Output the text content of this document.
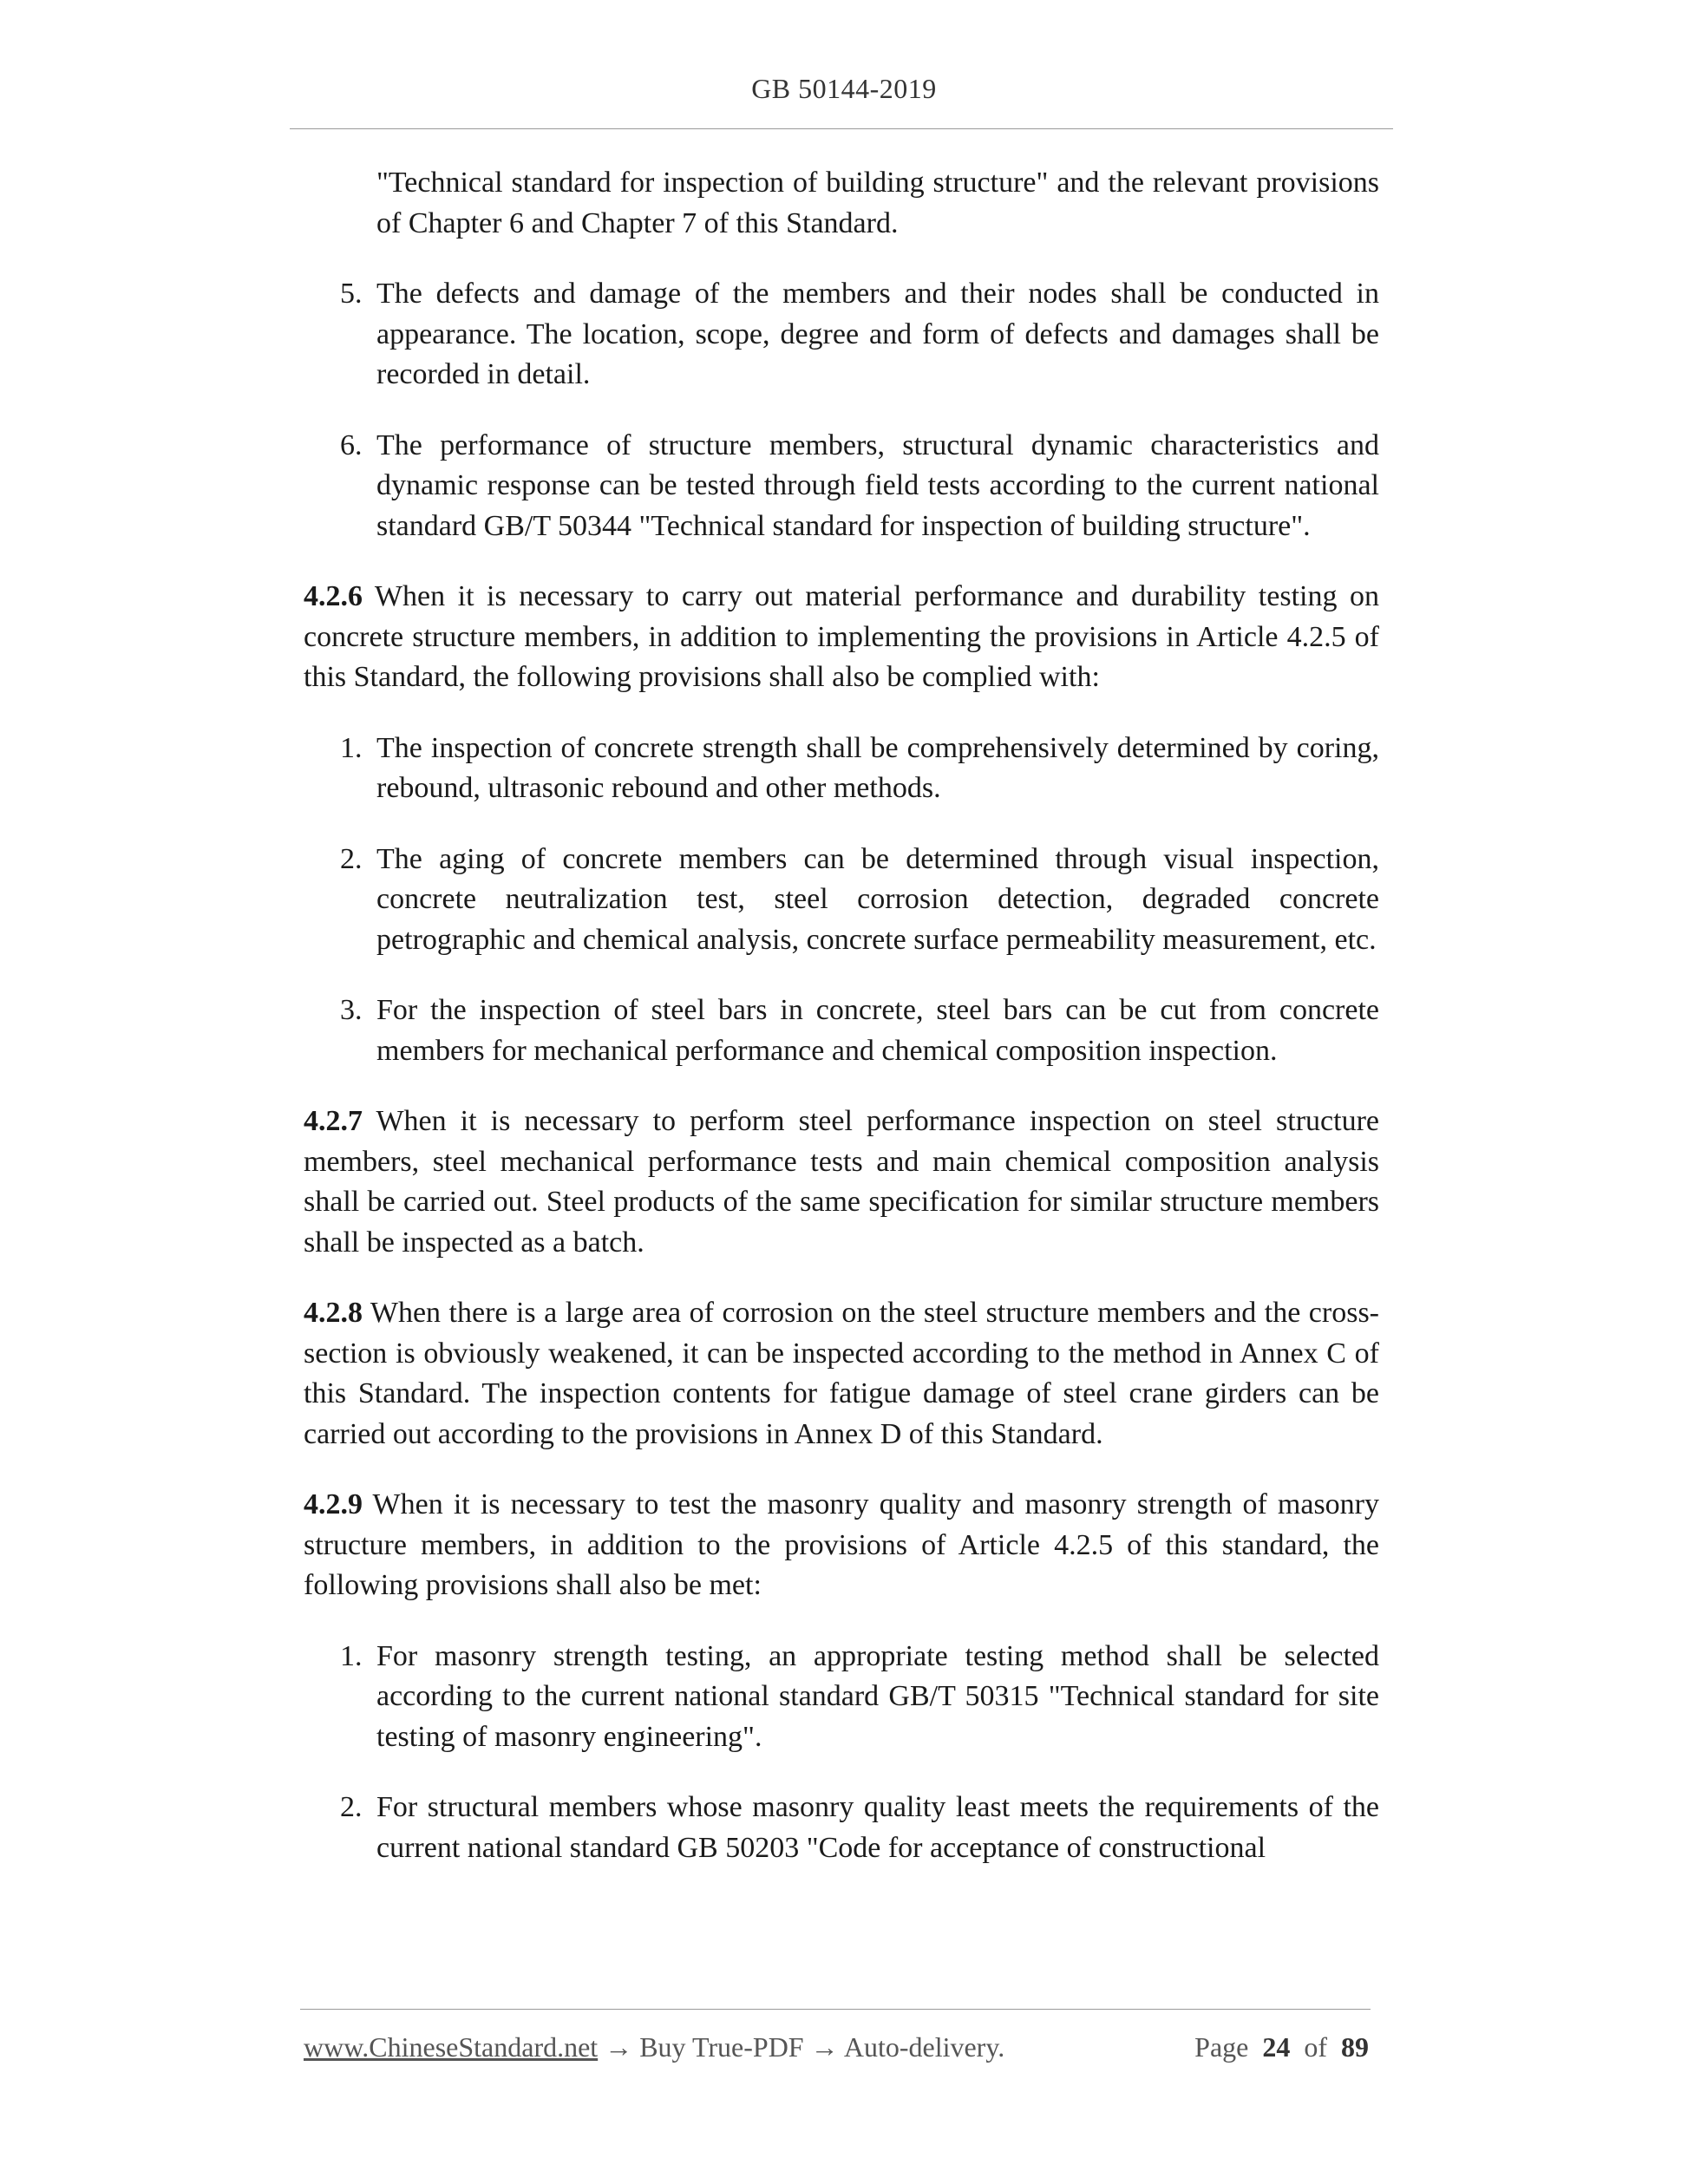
GB 50144-2019

"Technical standard for inspection of building structure" and the relevant provisions of Chapter 6 and Chapter 7 of this Standard.

5. The defects and damage of the members and their nodes shall be conducted in appearance. The location, scope, degree and form of defects and damages shall be recorded in detail.

6. The performance of structure members, structural dynamic characteristics and dynamic response can be tested through field tests according to the current national standard GB/T 50344 "Technical standard for inspection of building structure".

4.2.6 When it is necessary to carry out material performance and durability testing on concrete structure members, in addition to implementing the provisions in Article 4.2.5 of this Standard, the following provisions shall also be complied with:

1. The inspection of concrete strength shall be comprehensively determined by coring, rebound, ultrasonic rebound and other methods.

2. The aging of concrete members can be determined through visual inspection, concrete neutralization test, steel corrosion detection, degraded concrete petrographic and chemical analysis, concrete surface permeability measurement, etc.

3. For the inspection of steel bars in concrete, steel bars can be cut from concrete members for mechanical performance and chemical composition inspection.

4.2.7 When it is necessary to perform steel performance inspection on steel structure members, steel mechanical performance tests and main chemical composition analysis shall be carried out. Steel products of the same specification for similar structure members shall be inspected as a batch.

4.2.8 When there is a large area of corrosion on the steel structure members and the cross-section is obviously weakened, it can be inspected according to the method in Annex C of this Standard. The inspection contents for fatigue damage of steel crane girders can be carried out according to the provisions in Annex D of this Standard.

4.2.9 When it is necessary to test the masonry quality and masonry strength of masonry structure members, in addition to the provisions of Article 4.2.5 of this standard, the following provisions shall also be met:

1. For masonry strength testing, an appropriate testing method shall be selected according to the current national standard GB/T 50315 "Technical standard for site testing of masonry engineering".

2. For structural members whose masonry quality least meets the requirements of the current national standard GB 50203 "Code for acceptance of constructional

www.ChineseStandard.net → Buy True-PDF → Auto-delivery.	Page 24 of 89
